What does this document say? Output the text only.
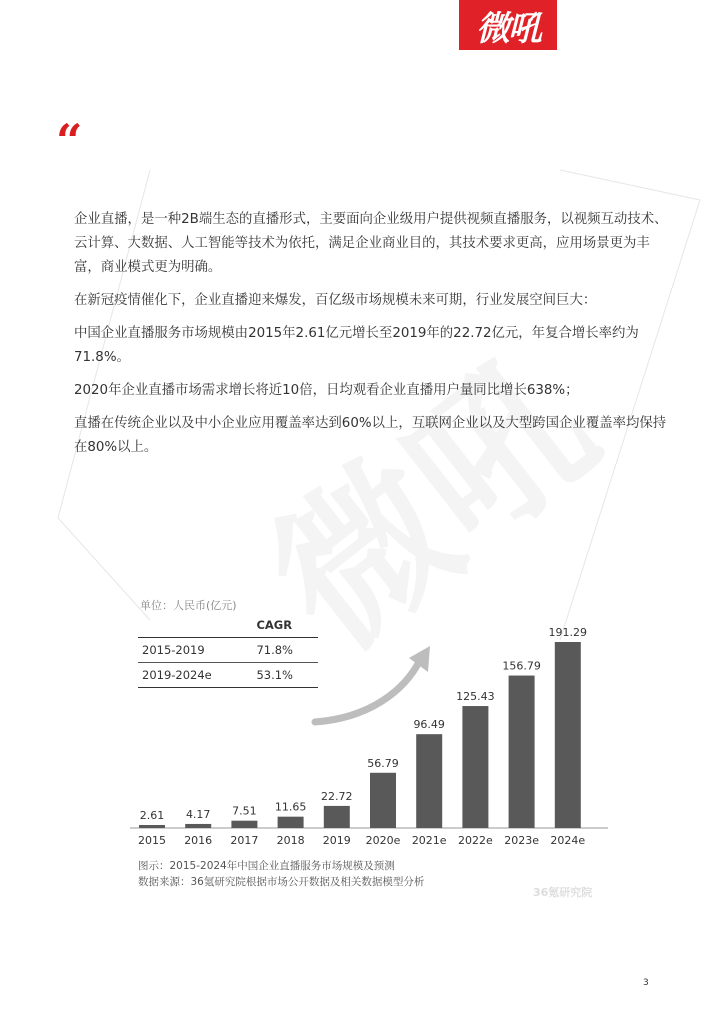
微吼
“

企业直播，是一种2B端生态的直播形式，主要面向企业级用户提供视频直播服务，以视频互动技术、云计算、大数据、人工智能等技术为依托，满足企业商业目的，其技术要求更高，应用场景更为丰富，商业模式更为明确。

在新冠疫情催化下，企业直播迎来爆发，百亿级市场规模未来可期，行业发展空间巨大：

中国企业直播服务市场规模由2015年2.61亿元增长至2019年的22.72亿元，年复合增长率约为71.8%。

2020年企业直播市场需求增长将近10倍，日均观看企业直播用户量同比增长638%；

直播在传统企业以及中小企业应用覆盖率达到60%以上，互联网企业以及大型跨国企业覆盖率均保持在80%以上。

2.61
2015
4.17
2016
7.51
2017
11.65
2018
22.72
2019
56.79
2020e
96.49
2021e
125.43
2022e
156.79
2023e
191.29
2024e
单位：人民币(亿元)
	CAGR
2015-2019	71.8%
2019-2024e	53.1%
图示：2015-2024年中国企业直播服务市场规模及预测
数据来源：36氪研究院根据市场公开数据及相关数据模型分析
36氪研究院
3
